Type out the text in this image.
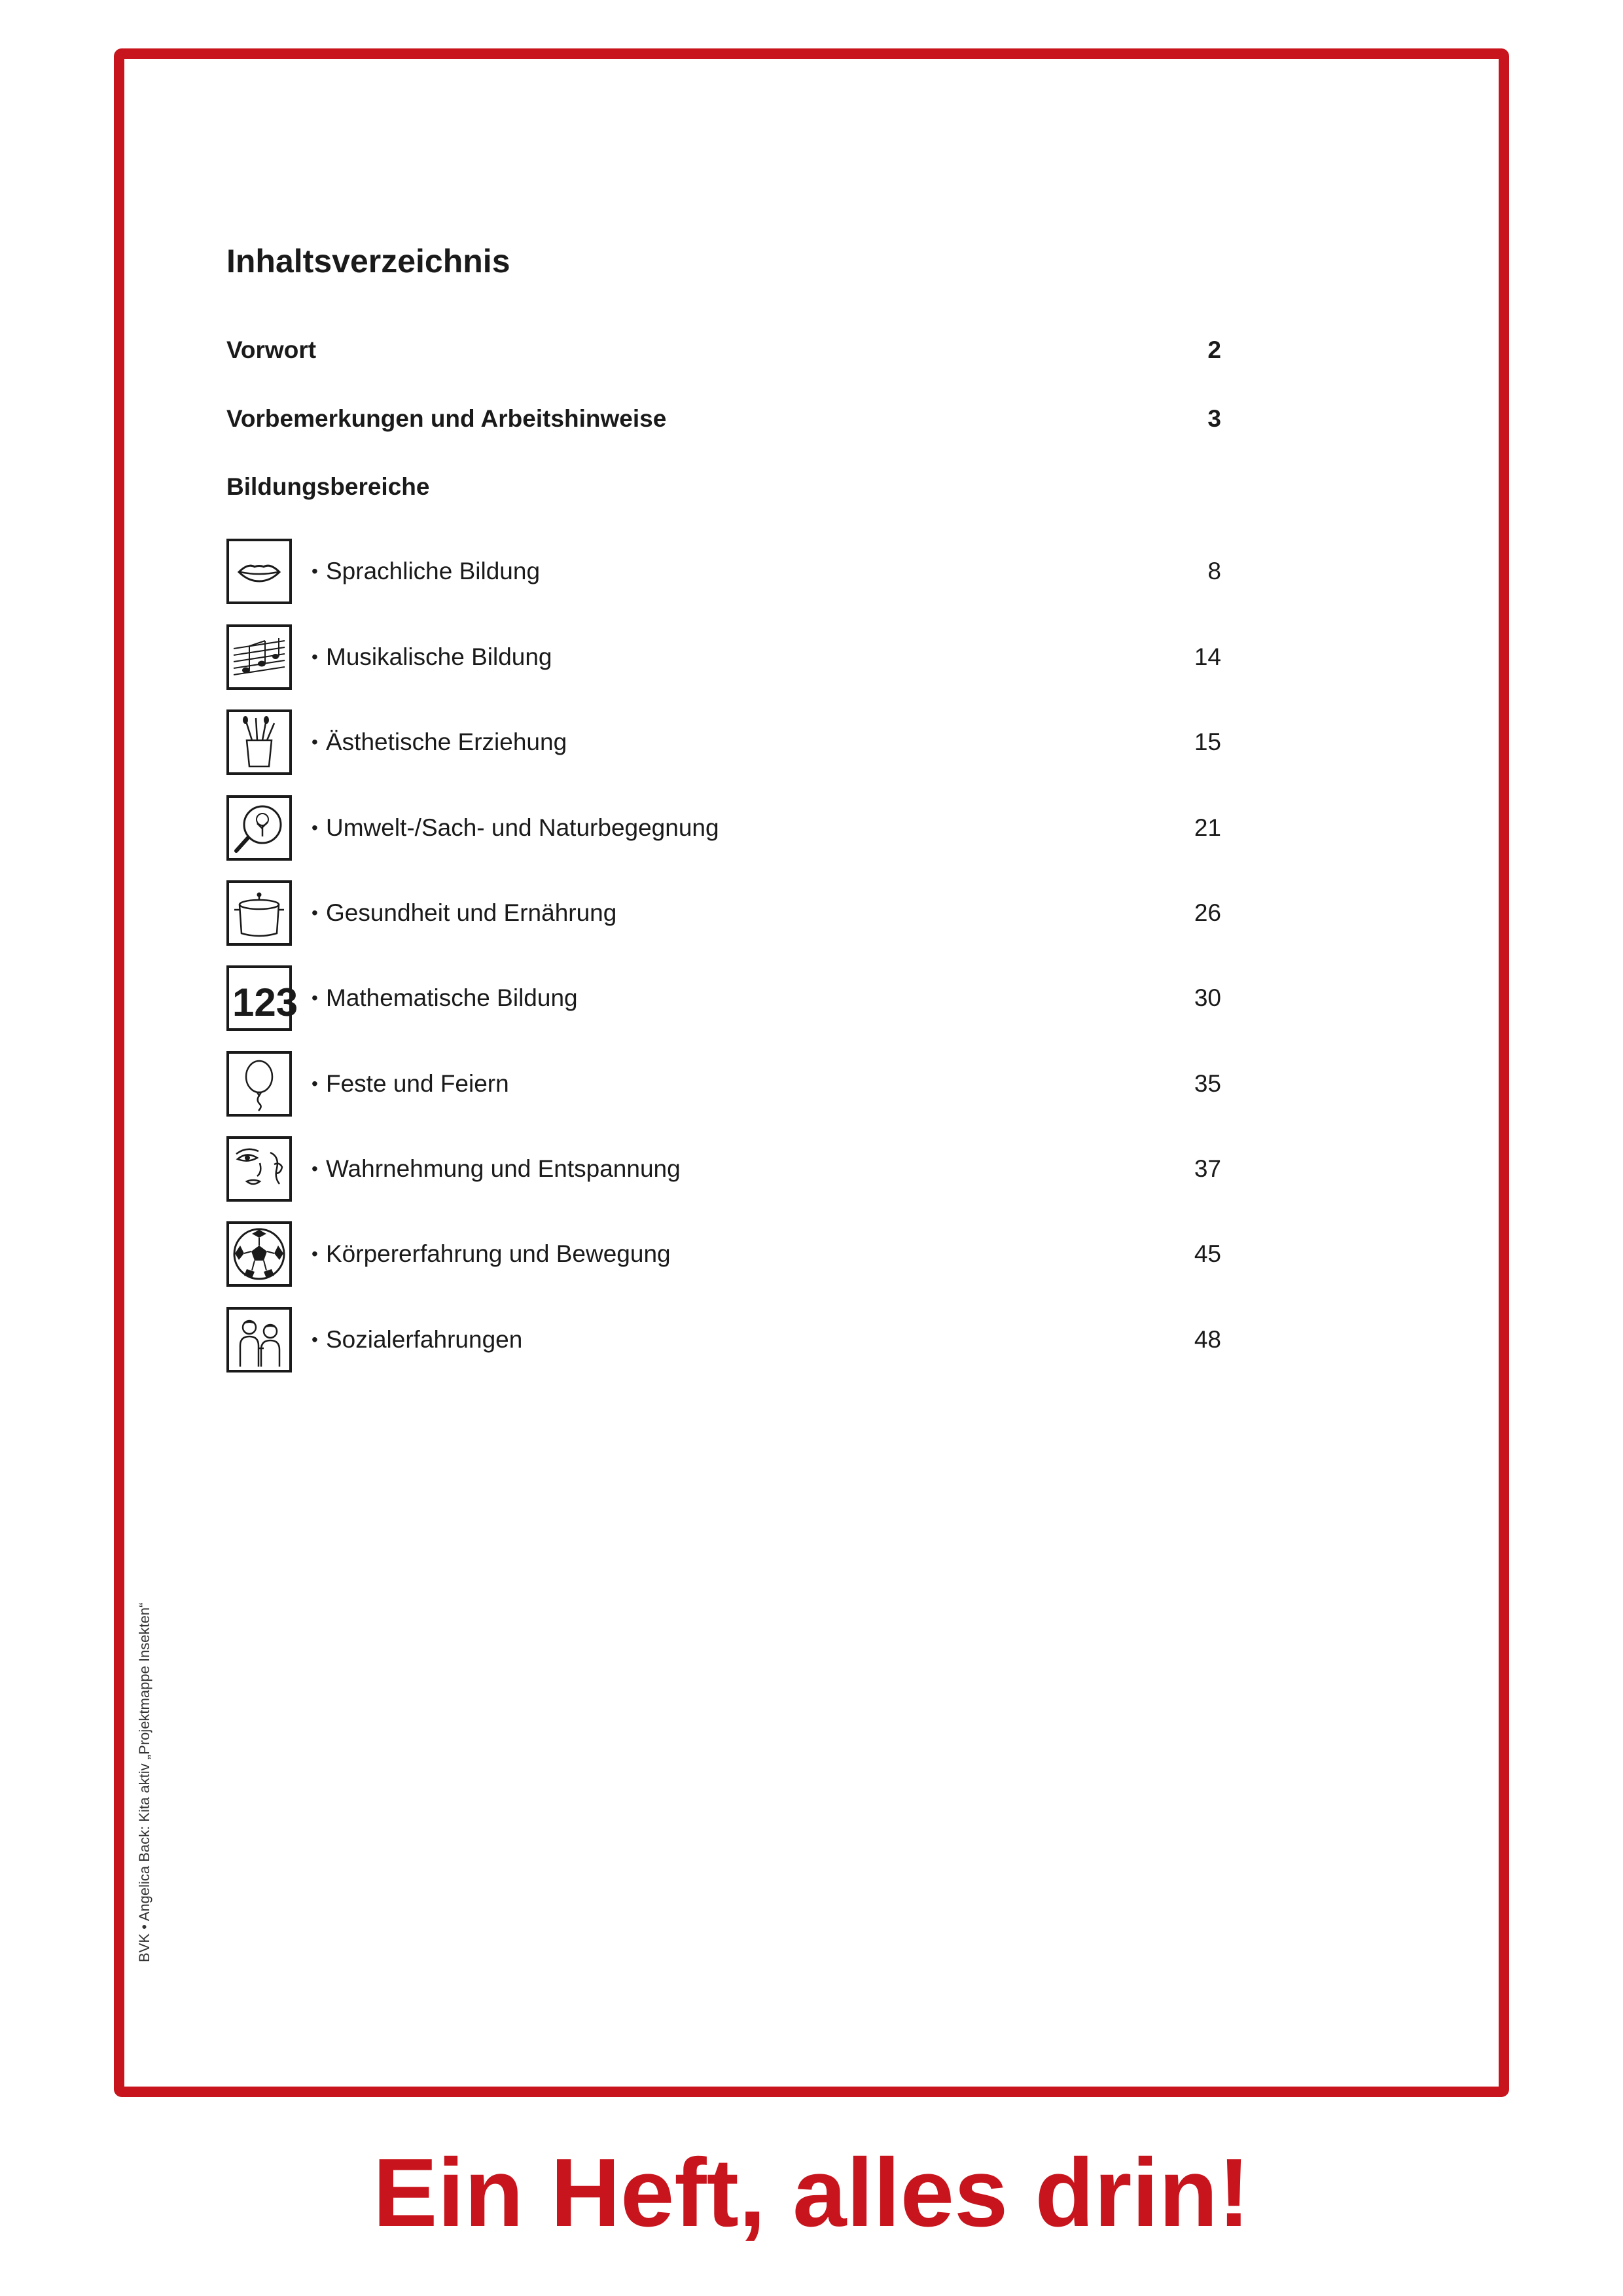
Inhaltsverzeichnis
Vorwort	2
Vorbemerkungen und Arbeitshinweise	3
Bildungsbereiche
• Sprachliche Bildung	8
• Musikalische Bildung	14
• Ästhetische Erziehung	15
• Umwelt-/Sach- und Naturbegegnung	21
• Gesundheit und Ernährung	26
123 • Mathematische Bildung	30
• Feste und Feiern	35
• Wahrnehmung und Entspannung	37
• Körpererfahrung und Bewegung	45
• Sozialerfahrungen	48
BVK • Angelica Back: Kita aktiv „Projektmappe Insekten“
Ein Heft, alles drin!
